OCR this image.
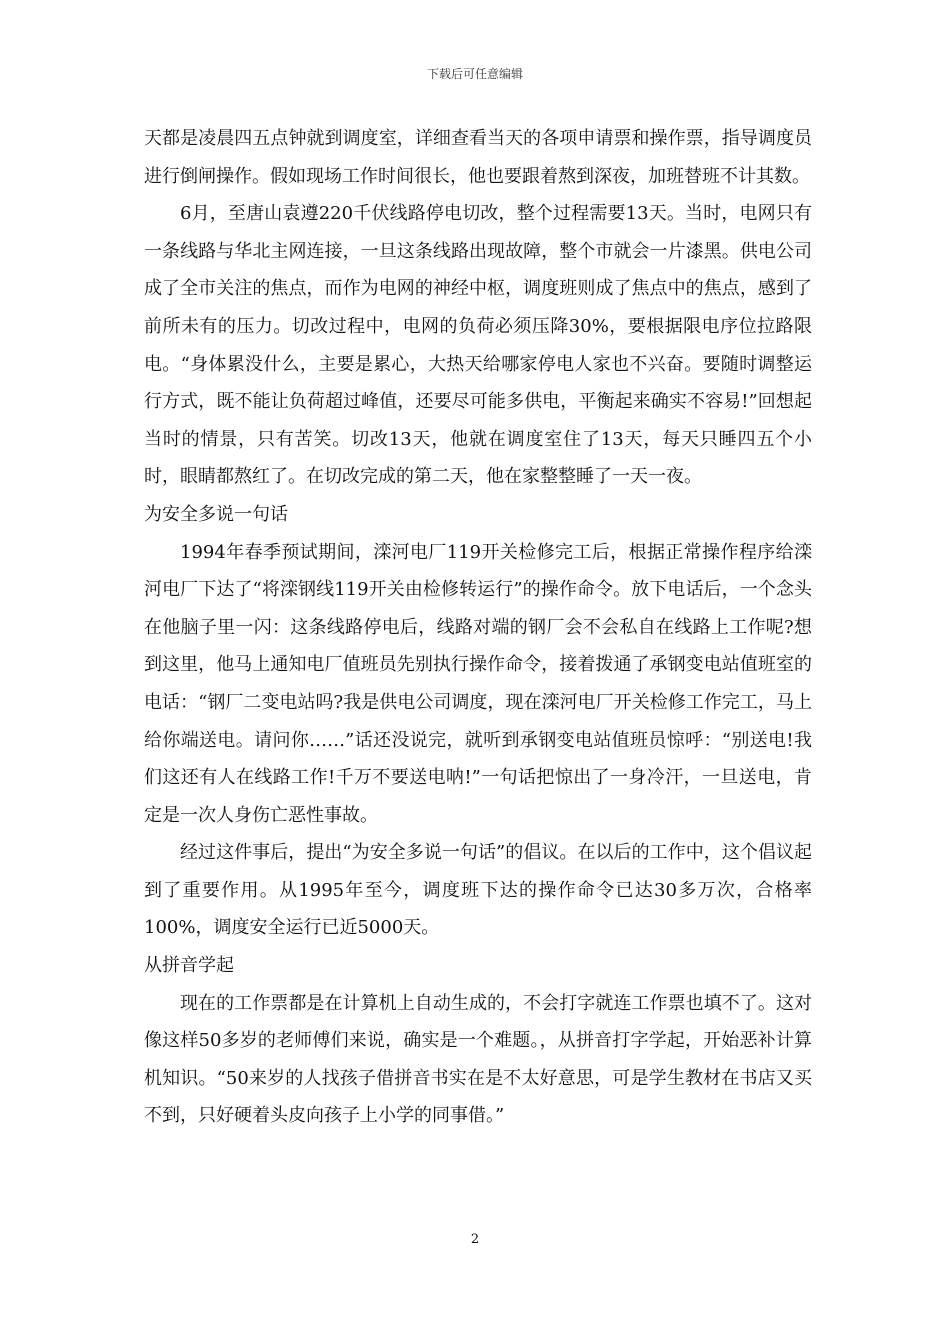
下载后可任意编辑

天都是凌晨四五点钟就到调度室，详细查看当天的各项申请票和操作票，指导调度员进行倒闸操作。假如现场工作时间很长，他也要跟着熬到深夜，加班替班不计其数。

6月，至唐山袁遵220千伏线路停电切改，整个过程需要13天。当时，电网只有一条线路与华北主网连接，一旦这条线路出现故障，整个市就会一片漆黑。供电公司成了全市关注的焦点，而作为电网的神经中枢，调度班则成了焦点中的焦点，感到了前所未有的压力。切改过程中，电网的负荷必须压降30%，要根据限电序位拉路限电。“身体累没什么，主要是累心，大热天给哪家停电人家也不兴奋。要随时调整运行方式，既不能让负荷超过峰值，还要尽可能多供电，平衡起来确实不容易!”回想起当时的情景，只有苦笑。切改13天，他就在调度室住了13天，每天只睡四五个小时，眼睛都熬红了。在切改完成的第二天，他在家整整睡了一天一夜。

为安全多说一句话

1994年春季预试期间，滦河电厂119开关检修完工后，根据正常操作程序给滦河电厂下达了“将滦钢线119开关由检修转运行”的操作命令。放下电话后，一个念头在他脑子里一闪：这条线路停电后，线路对端的钢厂会不会私自在线路上工作呢?想到这里，他马上通知电厂值班员先别执行操作命令，接着拨通了承钢变电站值班室的电话：“钢厂二变电站吗?我是供电公司调度，现在滦河电厂开关检修工作完工，马上给你端送电。请问你……”话还没说完，就听到承钢变电站值班员惊呼：“别送电!我们这还有人在线路工作!千万不要送电呐!”一句话把惊出了一身冷汗，一旦送电，肯定是一次人身伤亡恶性事故。

经过这件事后，提出“为安全多说一句话”的倡议。在以后的工作中，这个倡议起到了重要作用。从1995年至今，调度班下达的操作命令已达30多万次，合格率100%，调度安全运行已近5000天。

从拼音学起

现在的工作票都是在计算机上自动生成的，不会打字就连工作票也填不了。这对像这样50多岁的老师傅们来说，确实是一个难题。，从拼音打字学起，开始恶补计算机知识。“50来岁的人找孩子借拼音书实在是不太好意思，可是学生教材在书店又买不到，只好硬着头皮向孩子上小学的同事借。”

2
